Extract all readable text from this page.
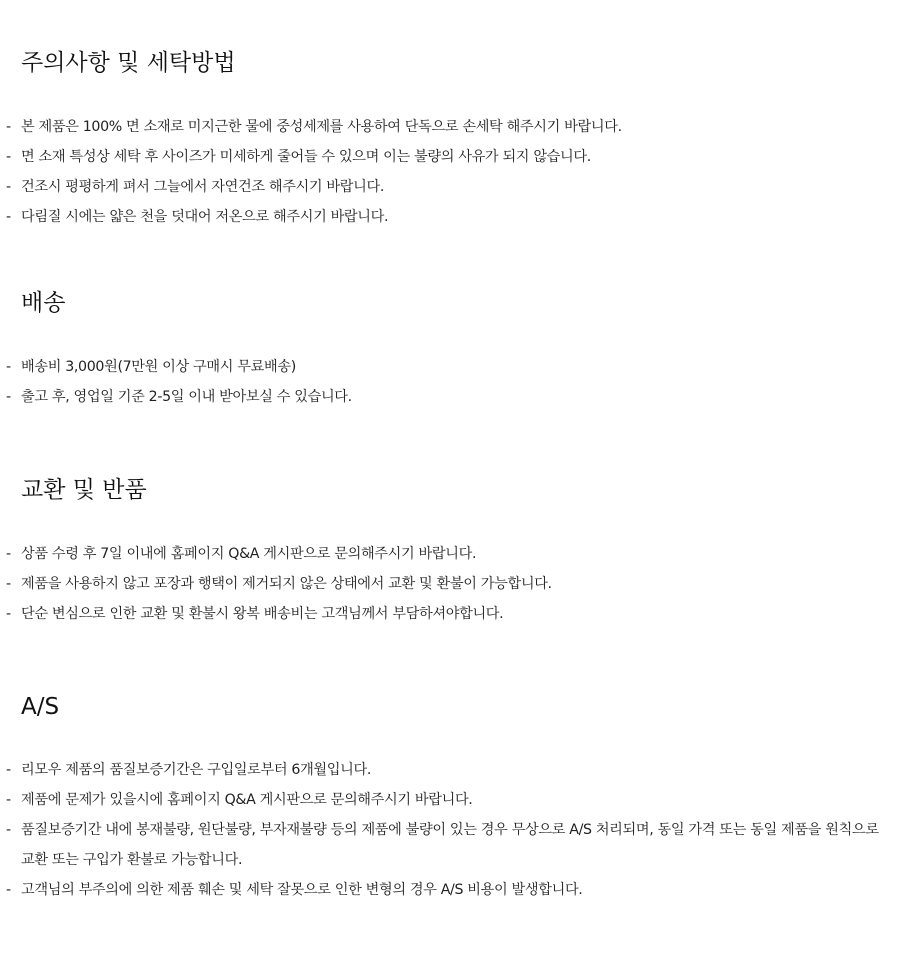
주의사항 및 세탁방법
- 본 제품은 100% 면 소재로 미지근한 물에 중성세제를 사용하여 단독으로 손세탁 해주시기 바랍니다.
- 면 소재 특성상 세탁 후 사이즈가 미세하게 줄어들 수 있으며 이는 불량의 사유가 되지 않습니다.
- 건조시 평평하게 펴서 그늘에서 자연건조 해주시기 바랍니다.
- 다림질 시에는 얇은 천을 덧대어 저온으로 해주시기 바랍니다.
배송
- 배송비 3,000원(7만원 이상 구매시 무료배송)
- 출고 후, 영업일 기준 2-5일 이내 받아보실 수 있습니다.
교환 및 반품
- 상품 수령 후 7일 이내에 홈페이지 Q&A 게시판으로 문의해주시기 바랍니다.
- 제품을 사용하지 않고 포장과 행택이 제거되지 않은 상태에서 교환 및 환불이 가능합니다.
- 단순 변심으로 인한 교환 및 환불시 왕복 배송비는 고객님께서 부담하셔야합니다.
A/S
- 리모우 제품의 품질보증기간은 구입일로부터 6개월입니다.
- 제품에 문제가 있을시에 홈페이지 Q&A 게시판으로 문의해주시기 바랍니다.
- 품질보증기간 내에 봉재불량, 원단불량, 부자재불량 등의 제품에 불량이 있는 경우 무상으로 A/S 처리되며, 동일 가격 또는 동일 제품을 원칙으로 교환 또는 구입가 환불로 가능합니다.
- 고객님의 부주의에 의한 제품 훼손 및 세탁 잘못으로 인한 변형의 경우 A/S 비용이 발생합니다.
